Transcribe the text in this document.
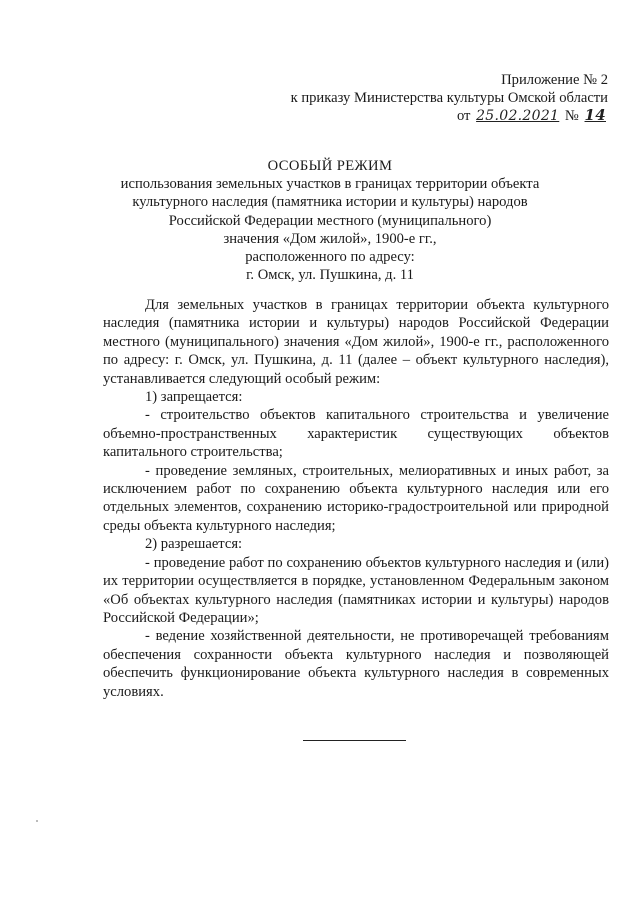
Приложение № 2
к приказу Министерства культуры Омской области
от 25.02.2021 № 14
ОСОБЫЙ РЕЖИМ
использования земельных участков в границах территории объекта
культурного наследия (памятника истории и культуры) народов
Российской Федерации местного (муниципального)
значения «Дом жилой», 1900-е гг.,
расположенного по адресу:
г. Омск, ул. Пушкина, д. 11

Для земельных участков в границах территории объекта культурного наследия (памятника истории и культуры) народов Российской Федерации местного (муниципального) значения «Дом жилой», 1900-е гг., расположенного по адресу: г. Омск, ул. Пушкина, д. 11 (далее – объект культурного наследия), устанавливается следующий особый режим:

1) запрещается:

- строительство объектов капитального строительства и увеличение объемно-пространственных характеристик существующих объектов капитального строительства;

- проведение земляных, строительных, мелиоративных и иных работ, за исключением работ по сохранению объекта культурного наследия или его отдельных элементов, сохранению историко-градостроительной или природной среды объекта культурного наследия;

2) разрешается:

- проведение работ по сохранению объектов культурного наследия и (или) их территории осуществляется в порядке, установленном Федеральным законом «Об объектах культурного наследия (памятниках истории и культуры) народов Российской Федерации»;

- ведение хозяйственной деятельности, не противоречащей требованиям обеспечения сохранности объекта культурного наследия и позволяющей обеспечить функционирование объекта культурного наследия в современных условиях.
